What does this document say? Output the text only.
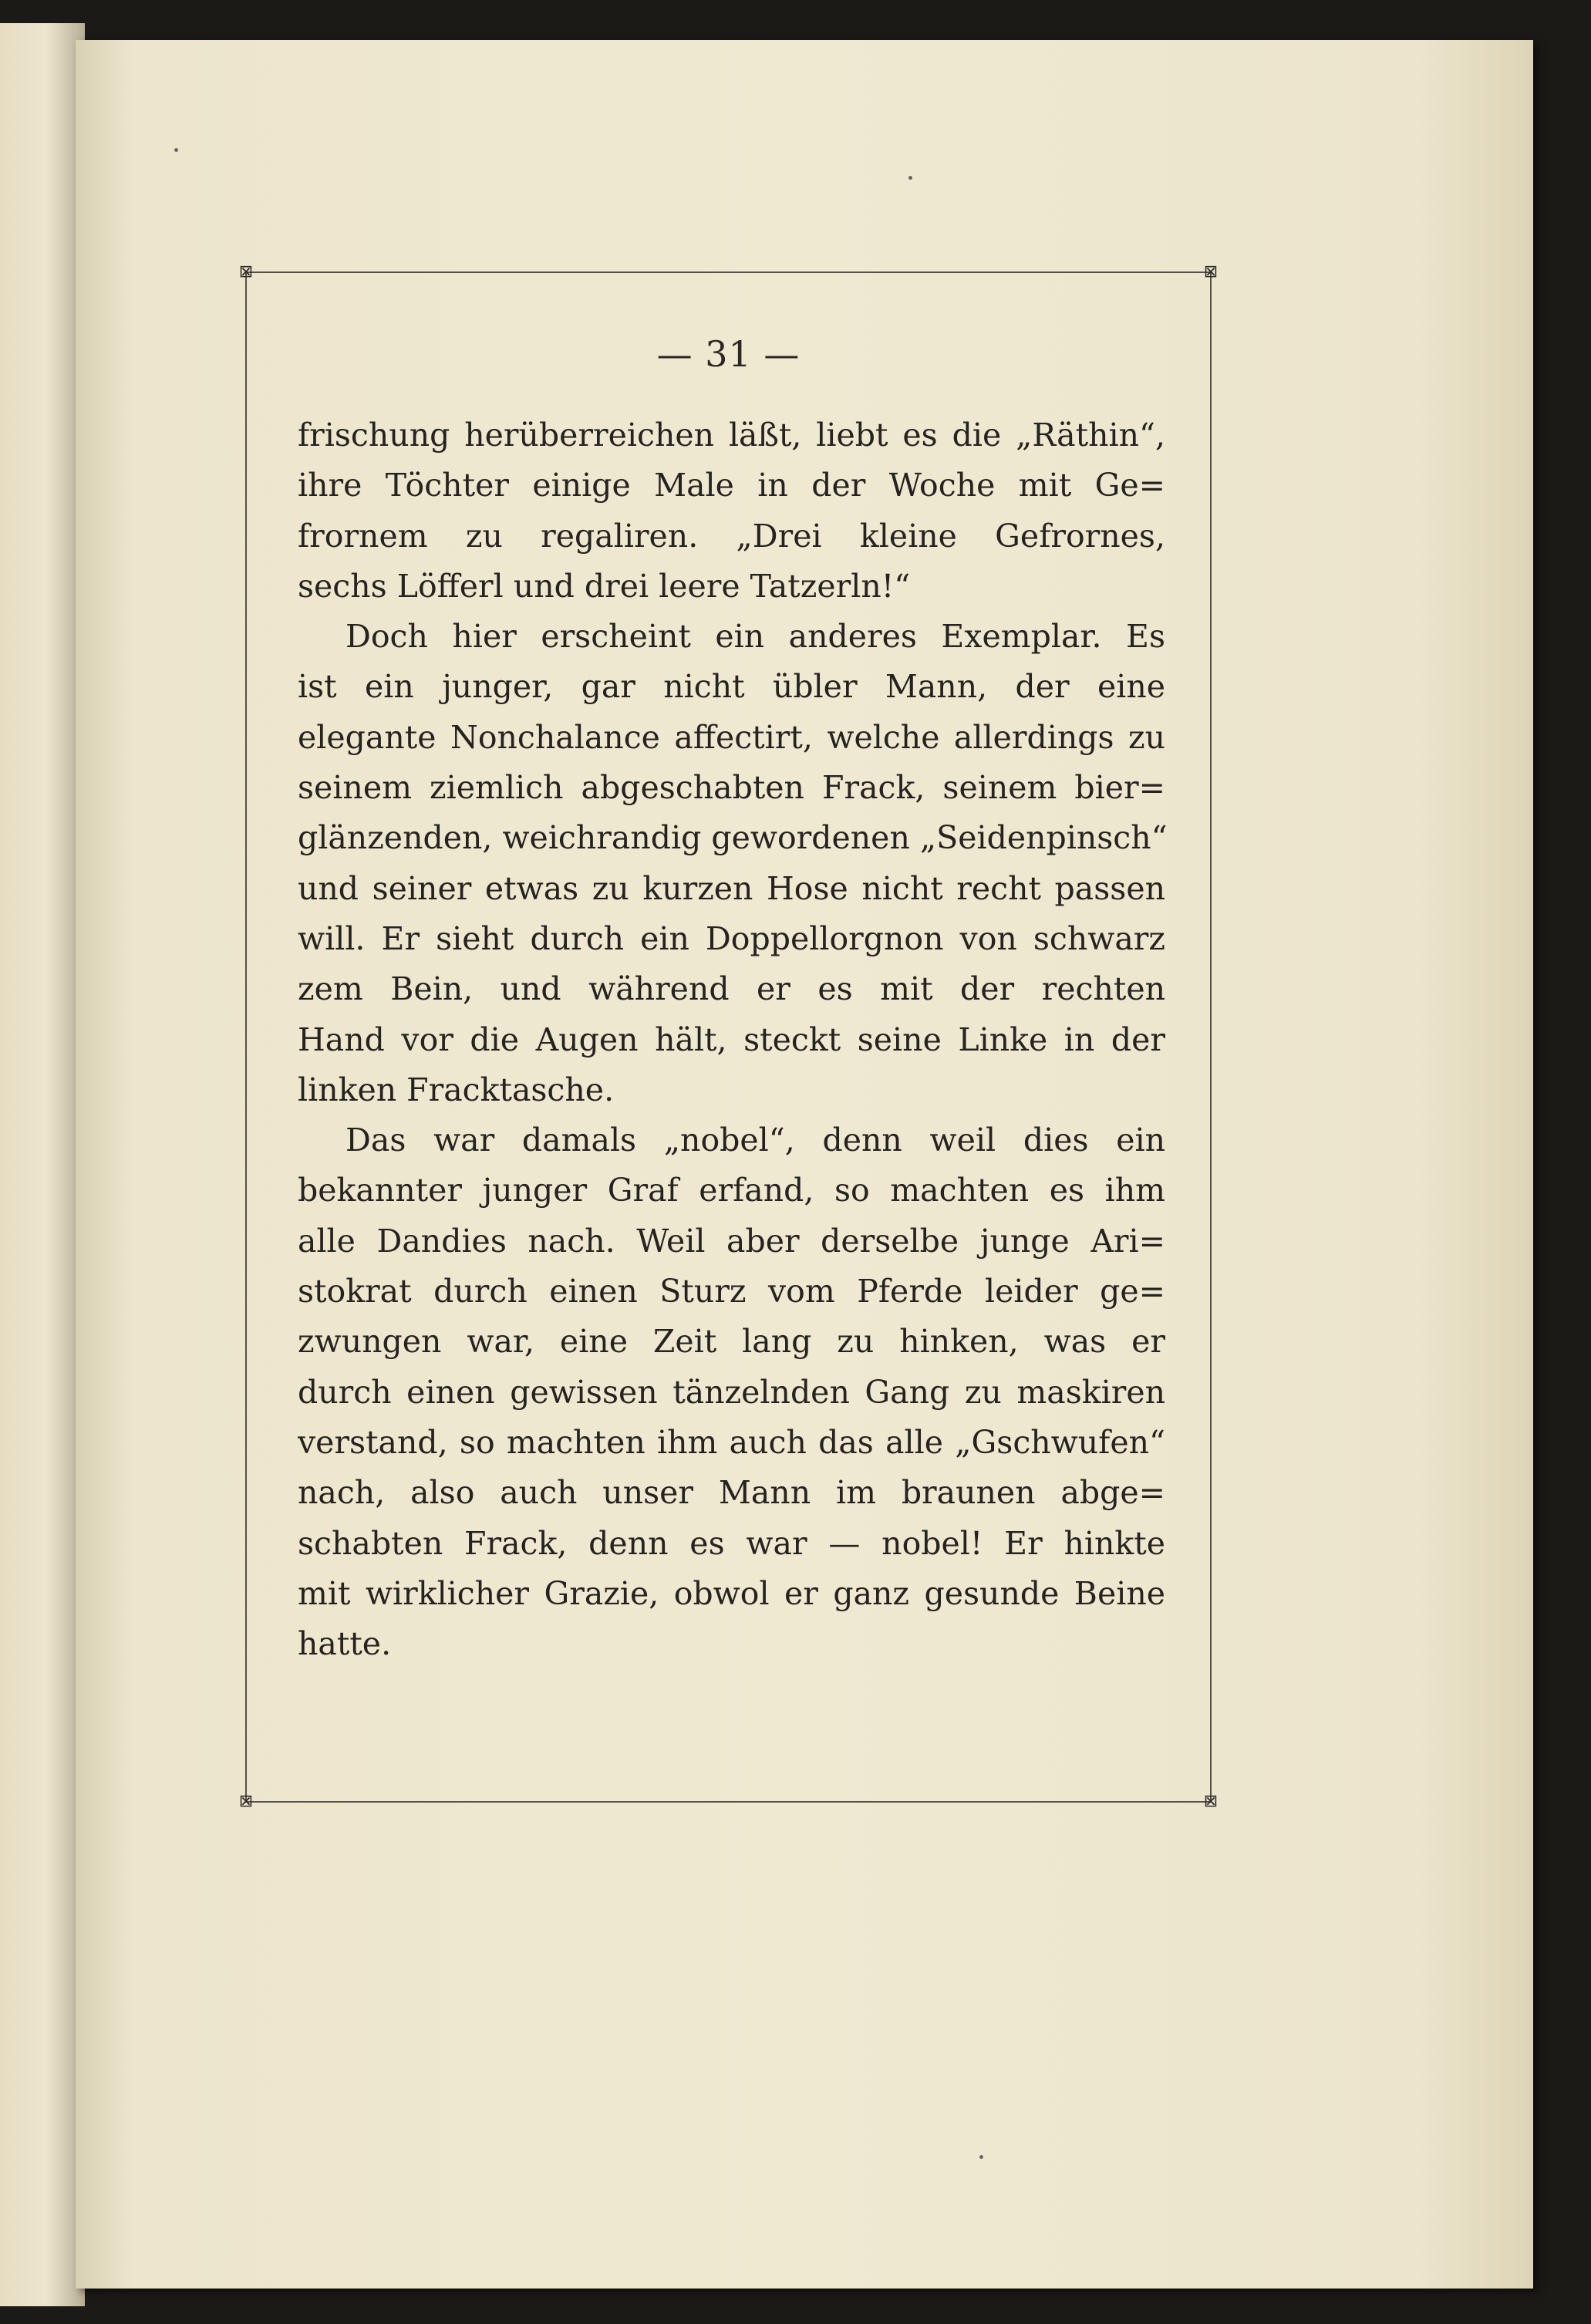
⊠	⊠
⊠	⊠
— 31 —
frischung herüberreichen läßt, liebt es die „Räthin“,
ihre Töchter einige Male in der Woche mit Ge=
frornem zu regaliren. „Drei kleine Gefrornes,
sechs Löfferl und drei leere Tatzerln!“
Doch hier erscheint ein anderes Exemplar. Es
ist ein junger, gar nicht übler Mann, der eine
elegante Nonchalance affectirt, welche allerdings zu
seinem ziemlich abgeschabten Frack, seinem bier=
glänzenden, weichrandig gewordenen „Seidenpinsch“
und seiner etwas zu kurzen Hose nicht recht passen
will. Er sieht durch ein Doppellorgnon von schwarz
zem Bein, und während er es mit der rechten
Hand vor die Augen hält, steckt seine Linke in der
linken Fracktasche.
Das war damals „nobel“, denn weil dies ein
bekannter junger Graf erfand, so machten es ihm
alle Dandies nach. Weil aber derselbe junge Ari=
stokrat durch einen Sturz vom Pferde leider ge=
zwungen war, eine Zeit lang zu hinken, was er
durch einen gewissen tänzelnden Gang zu maskiren
verstand, so machten ihm auch das alle „Gschwufen“
nach, also auch unser Mann im braunen abge=
schabten Frack, denn es war — nobel! Er hinkte
mit wirklicher Grazie, obwol er ganz gesunde Beine
hatte.
